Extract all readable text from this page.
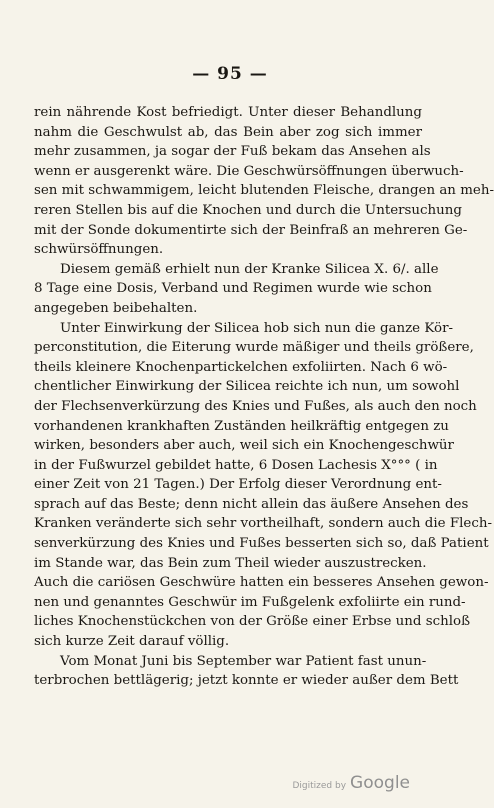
— 95 —
rein nährende Kost befriedigt. Unter dieser Behandlung
nahm die Geschwulst ab, das Bein aber zog sich immer
mehr zusammen, ja sogar der Fuß bekam das Ansehen als
wenn er ausgerenkt wäre. Die Geschwürsöffnungen überwuch-
sen mit schwammigem, leicht blutenden Fleische, drangen an meh-
reren Stellen bis auf die Knochen und durch die Untersuchung
mit der Sonde dokumentirte sich der Beinfraß an mehreren Ge-
schwürsöffnungen.
Diesem gemäß erhielt nun der Kranke Silicea X. 6/. alle
8 Tage eine Dosis, Verband und Regimen wurde wie schon
angegeben beibehalten.
Unter Einwirkung der Silicea hob sich nun die ganze Kör-
perconstitution, die Eiterung wurde mäßiger und theils größere,
theils kleinere Knochenpartickelchen exfoliirten. Nach 6 wö-
chentlicher Einwirkung der Silicea reichte ich nun, um sowohl
der Flechsenverkürzung des Knies und Fußes, als auch den noch
vorhandenen krankhaften Zuständen heilkräftig entgegen zu
wirken, besonders aber auch, weil sich ein Knochengeschwür
in der Fußwurzel gebildet hatte, 6 Dosen Lachesis X°°° ( in
einer Zeit von 21 Tagen.) Der Erfolg dieser Verordnung ent-
sprach auf das Beste; denn nicht allein das äußere Ansehen des
Kranken veränderte sich sehr vortheilhaft, sondern auch die Flech-
senverkürzung des Knies und Fußes besserten sich so, daß Patient
im Stande war, das Bein zum Theil wieder auszustrecken.
Auch die cariösen Geschwüre hatten ein besseres Ansehen gewon-
nen und genanntes Geschwür im Fußgelenk exfoliirte ein rund-
liches Knochenstückchen von der Größe einer Erbse und schloß
sich kurze Zeit darauf völlig.
Vom Monat Juni bis September war Patient fast unun-
terbrochen bettlägerig; jetzt konnte er wieder außer dem Bett
Digitized by Google
